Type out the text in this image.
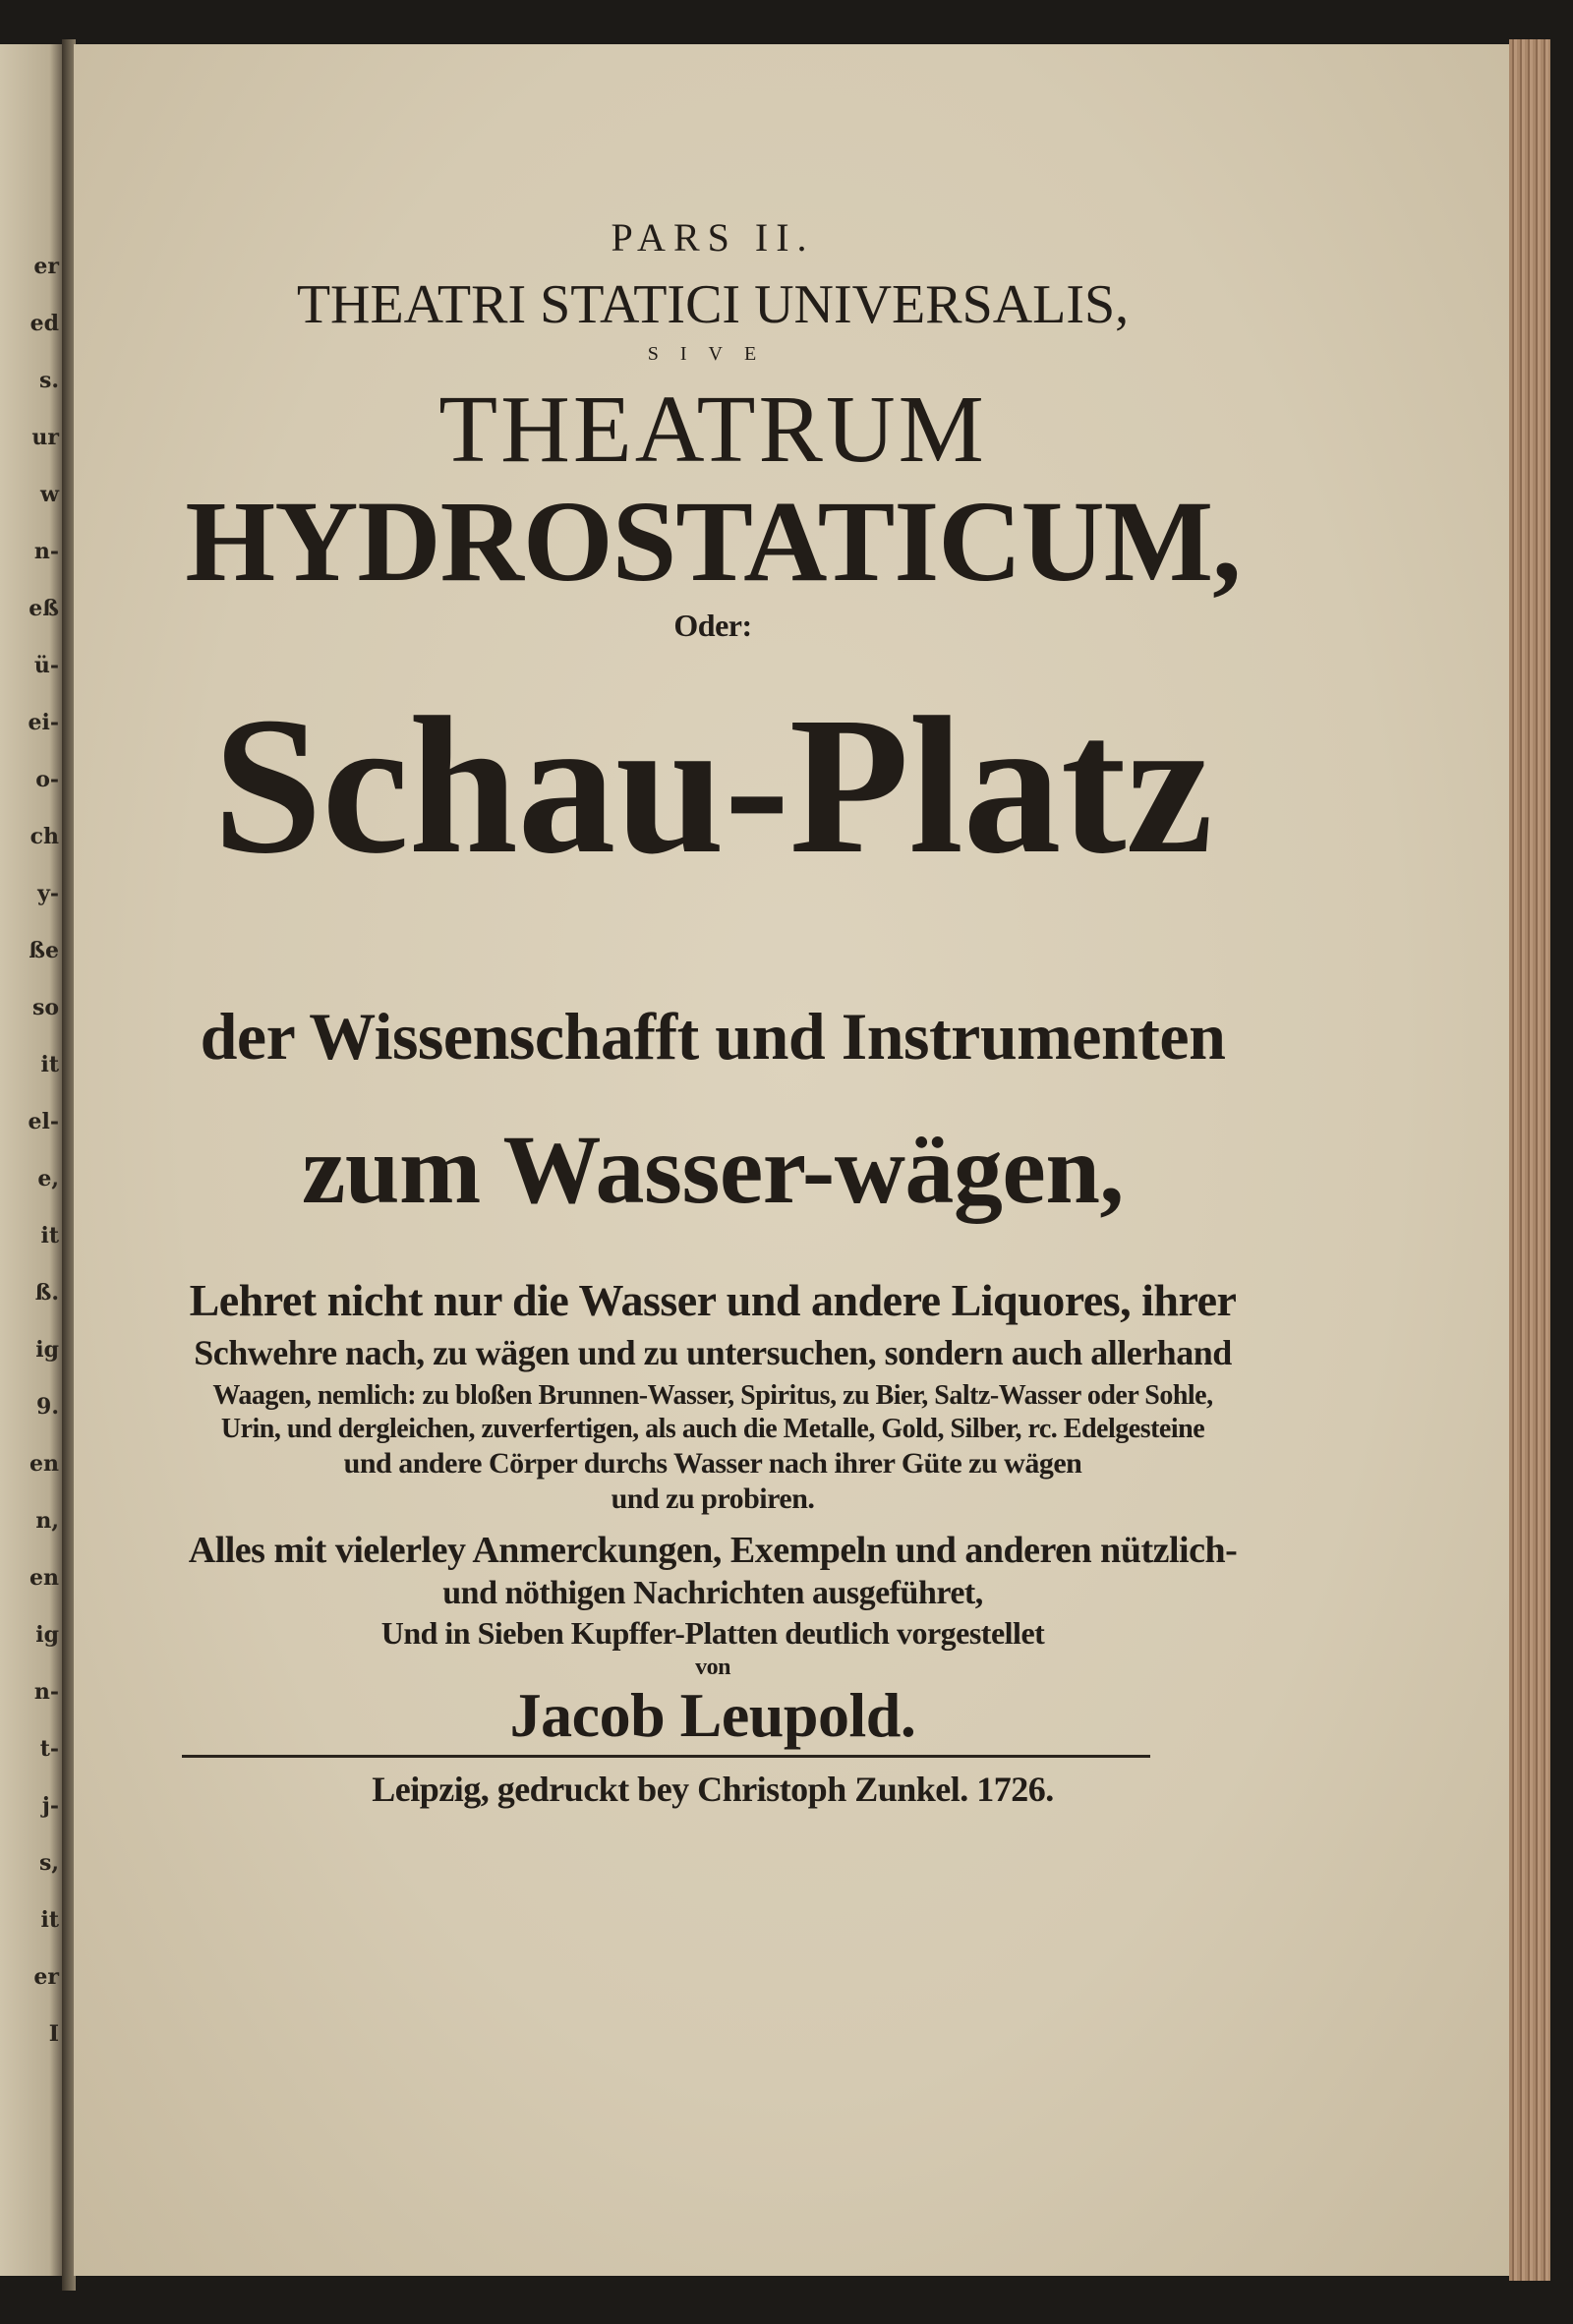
PARS II.
THEATRI STATICI UNIVERSALIS,
SIVE
THEATRUM
HYDROSTATICUM,
Oder:
Schau-Platz
der Wissenschafft und Instrumenten
zum Wasser-wägen,
Lehret nicht nur die Wasser und andere Liquores, ihrer
Schwehre nach, zu wägen und zu untersuchen, sondern auch allerhand
Waagen, nemlich: zu bloßen Brunnen-Wasser, Spiritus, zu Bier, Saltz-Wasser oder Sohle,
Urin, und dergleichen, zuverfertigen, als auch die Metalle, Gold, Silber, rc. Edelgesteine
und andere Cörper durchs Wasser nach ihrer Güte zu wägen
und zu probiren.
Alles mit vielerley Anmerckungen, Exempeln und anderen nützlich-
und nöthigen Nachrichten ausgeführet,
Und in Sieben Kupffer-Platten deutlich vorgestellet
von
Jacob Leupold.
Leipzig, gedruckt bey Christoph Zunkel. 1726.
er
ed
s.
ur
w
n-
eß
ü-
ei-
o-
ch
y-
ße
so
it
el-
e,
it
ß.
ig
9.
en
n,
en
ig
n-
t-
j-
s,
it
er
I
